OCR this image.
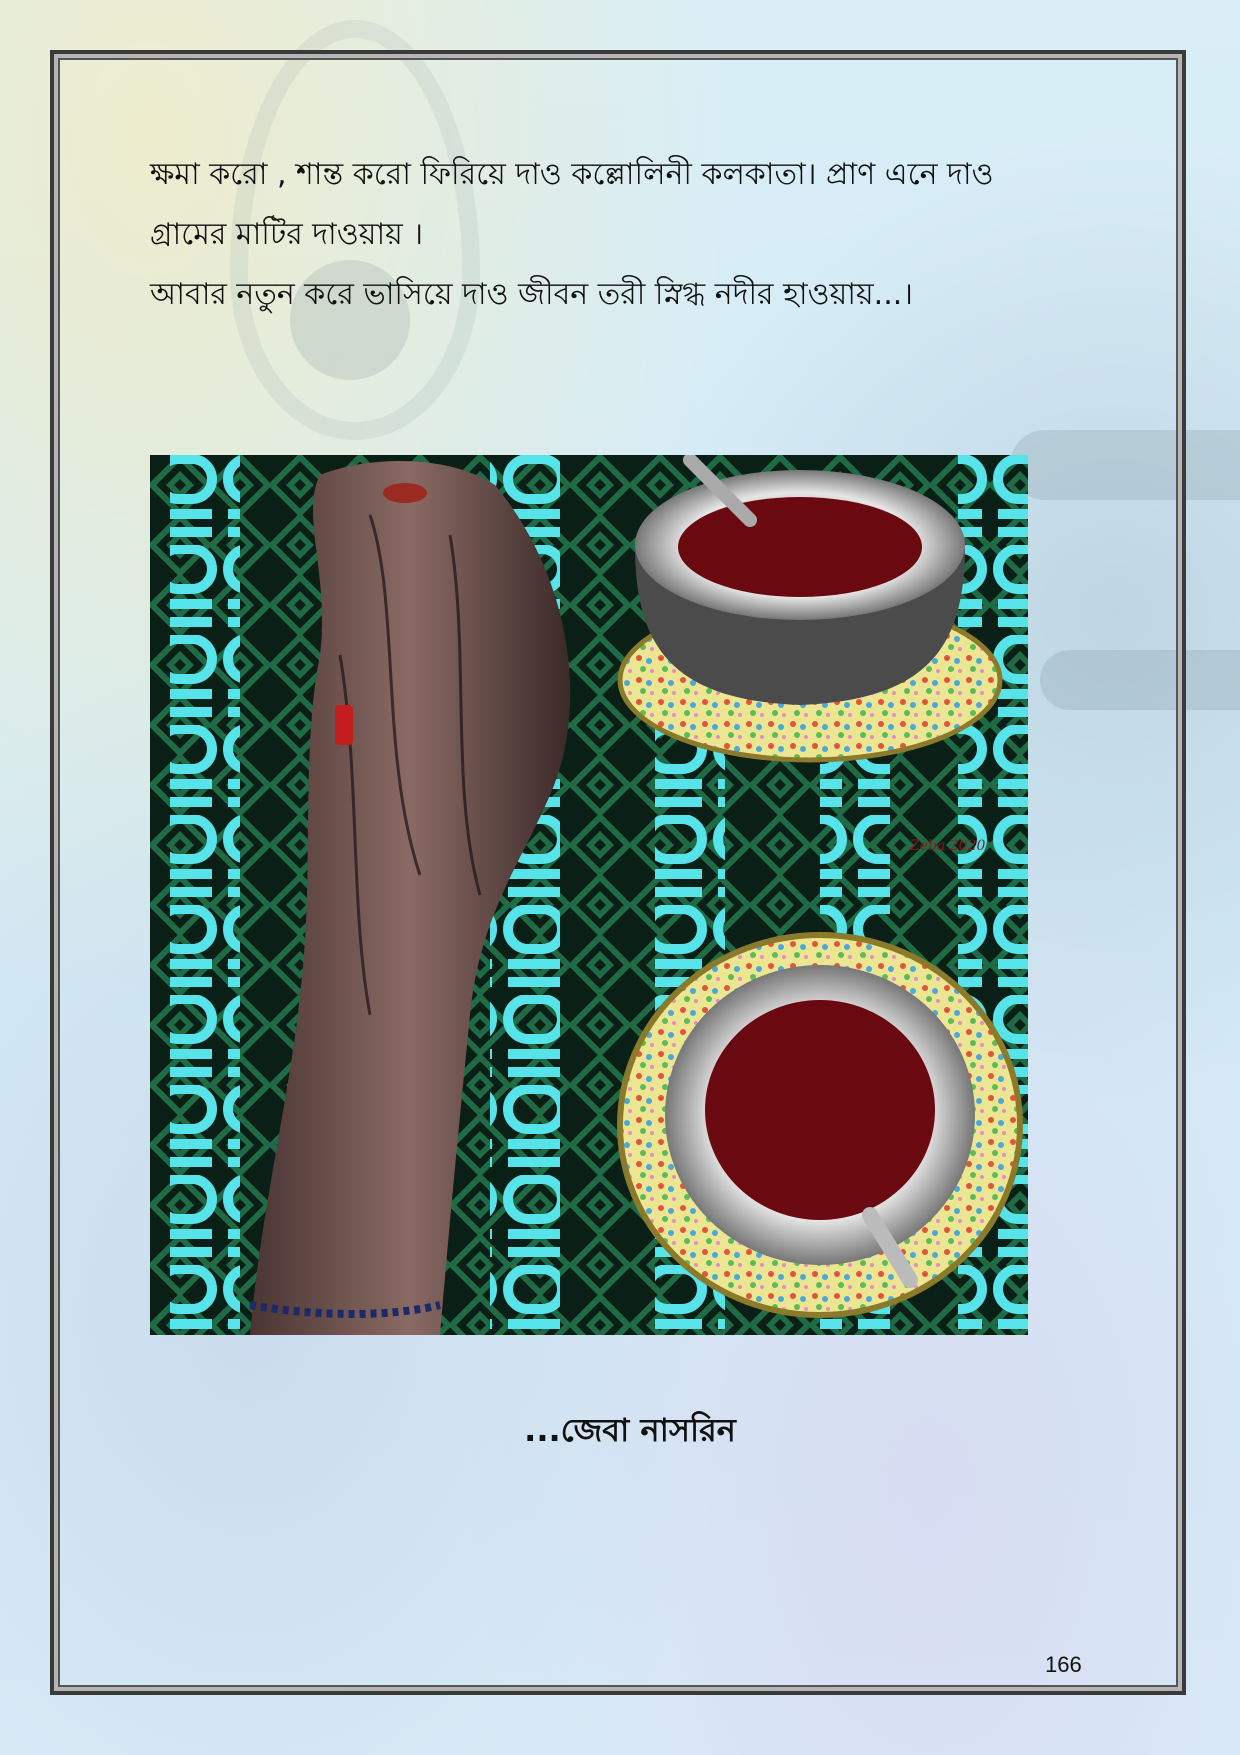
ক্ষমা করো , শান্ত করো ফিরিয়ে দাও কল্লোলিনী কলকাতা। প্রাণ এনে দাও
গ্রামের মাটির দাওয়ায় ।
আবার নতুন করে ভাসিয়ে দাও জীবন তরী স্নিগ্ধ নদীর হাওয়ায়...।
Zeba 2020
...জেবা নাসরিন
166
